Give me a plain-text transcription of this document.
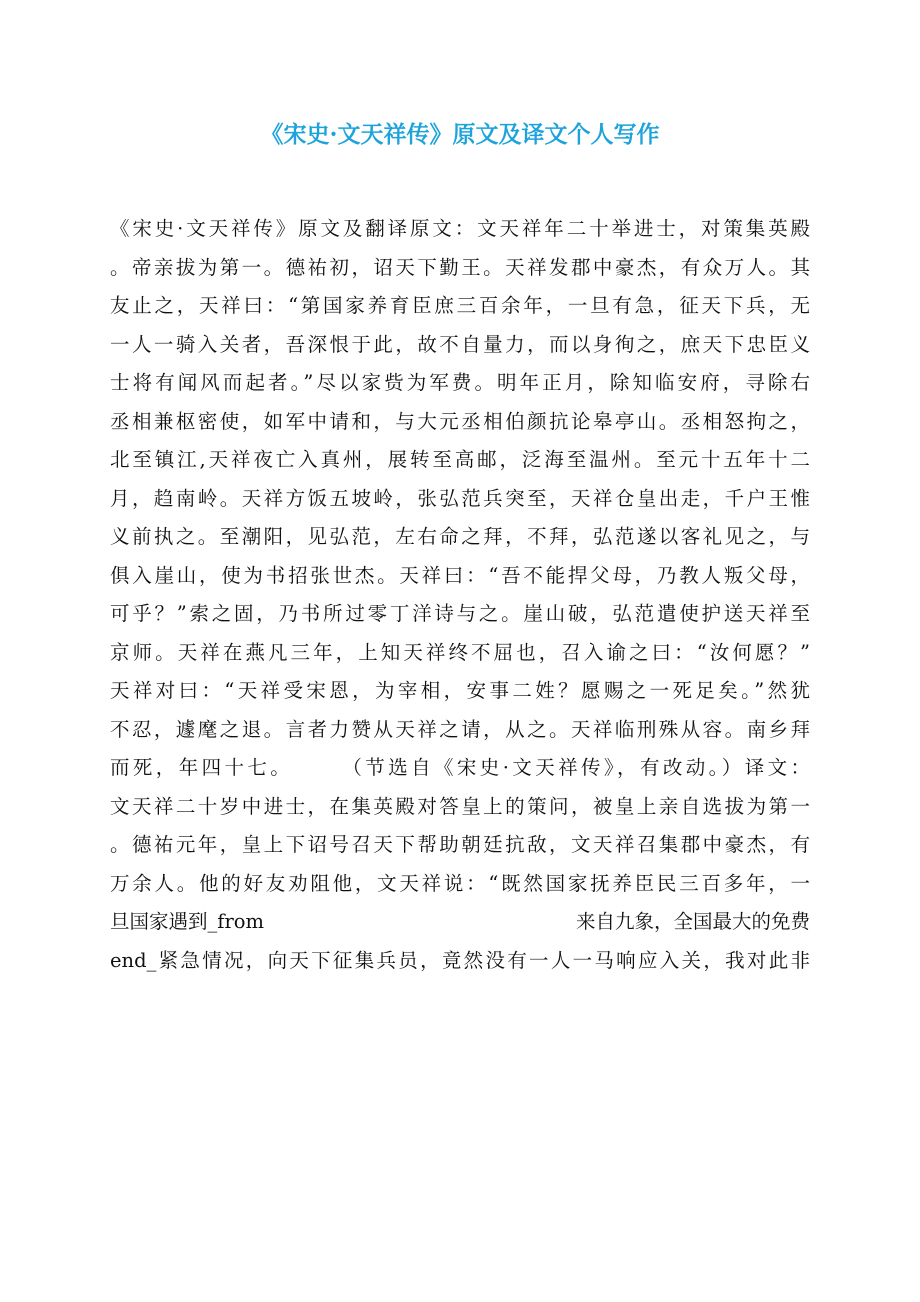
《宋史·文天祥传》原文及译文个人写作
《宋史·文天祥传》原文及翻译原文：文天祥年二十举进士，对策集英殿
。帝亲拔为第一。德祐初，诏天下勤王。天祥发郡中豪杰，有众万人。其
友止之，天祥曰：“第国家养育臣庶三百余年，一旦有急，征天下兵，无
一人一骑入关者，吾深恨于此，故不自量力，而以身徇之，庶天下忠臣义
士将有闻风而起者。”尽以家赀为军费。明年正月，除知临安府，寻除右
丞相兼枢密使，如军中请和，与大元丞相伯颜抗论皋亭山。丞相怒拘之，
北至镇江,天祥夜亡入真州，展转至高邮，泛海至温州。至元十五年十二
月，趋南岭。天祥方饭五坡岭，张弘范兵突至，天祥仓皇出走，千户王惟
义前执之。至潮阳，见弘范，左右命之拜，不拜，弘范遂以客礼见之，与
俱入崖山，使为书招张世杰。天祥曰：“吾不能捍父母，乃教人叛父母，
可乎？”索之固，乃书所过零丁洋诗与之。崖山破，弘范遣使护送天祥至
京师。天祥在燕凡三年，上知天祥终不屈也，召入谕之曰：“汝何愿？”
天祥对曰：“天祥受宋恩，为宰相，安事二姓？愿赐之一死足矣。”然犹
不忍，遽麾之退。言者力赞从天祥之请，从之。天祥临刑殊从容。南乡拜
而死，年四十七。　　　（节选自《宋史·文天祥传》，有改动。）译文：
文天祥二十岁中进士，在集英殿对答皇上的策问，被皇上亲自选拔为第一
。德祐元年，皇上下诏号召天下帮助朝廷抗敌，文天祥召集郡中豪杰，有
万余人。他的好友劝阻他，文天祥说：“既然国家抚养臣民三百多年，一
旦国家遇到_from	来自九象，全国最大的免费
end_紧急情况，向天下征集兵员，竟然没有一人一马响应入关，我对此非
